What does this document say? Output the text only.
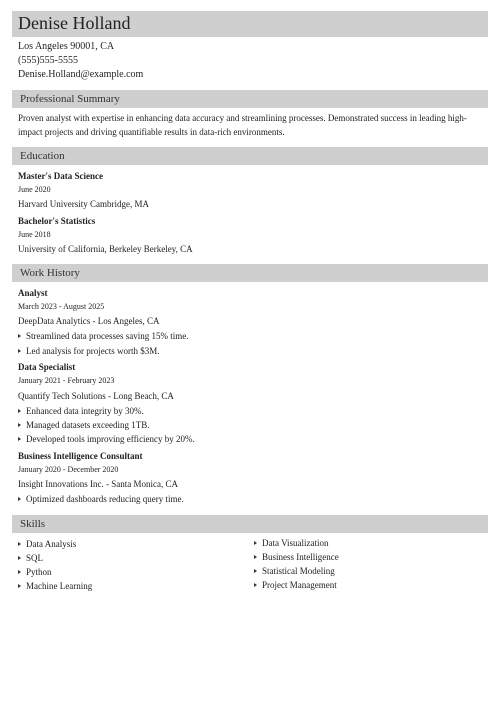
Denise Holland
Los Angeles 90001, CA
(555)555-5555
Denise.Holland@example.com
Professional Summary
Proven analyst with expertise in enhancing data accuracy and streamlining processes. Demonstrated success in leading high-impact projects and driving quantifiable results in data-rich environments.
Education
Master's Data Science
June 2020
Harvard University Cambridge, MA
Bachelor's Statistics
June 2018
University of California, Berkeley Berkeley, CA
Work History
Analyst
March 2023 - August 2025
DeepData Analytics - Los Angeles, CA
Streamlined data processes saving 15% time.
Led analysis for projects worth $3M.
Data Specialist
January 2021 - February 2023
Quantify Tech Solutions - Long Beach, CA
Enhanced data integrity by 30%.
Managed datasets exceeding 1TB.
Developed tools improving efficiency by 20%.
Business Intelligence Consultant
January 2020 - December 2020
Insight Innovations Inc. - Santa Monica, CA
Optimized dashboards reducing query time.
Skills
Data Analysis
SQL
Python
Machine Learning
Data Visualization
Business Intelligence
Statistical Modeling
Project Management
